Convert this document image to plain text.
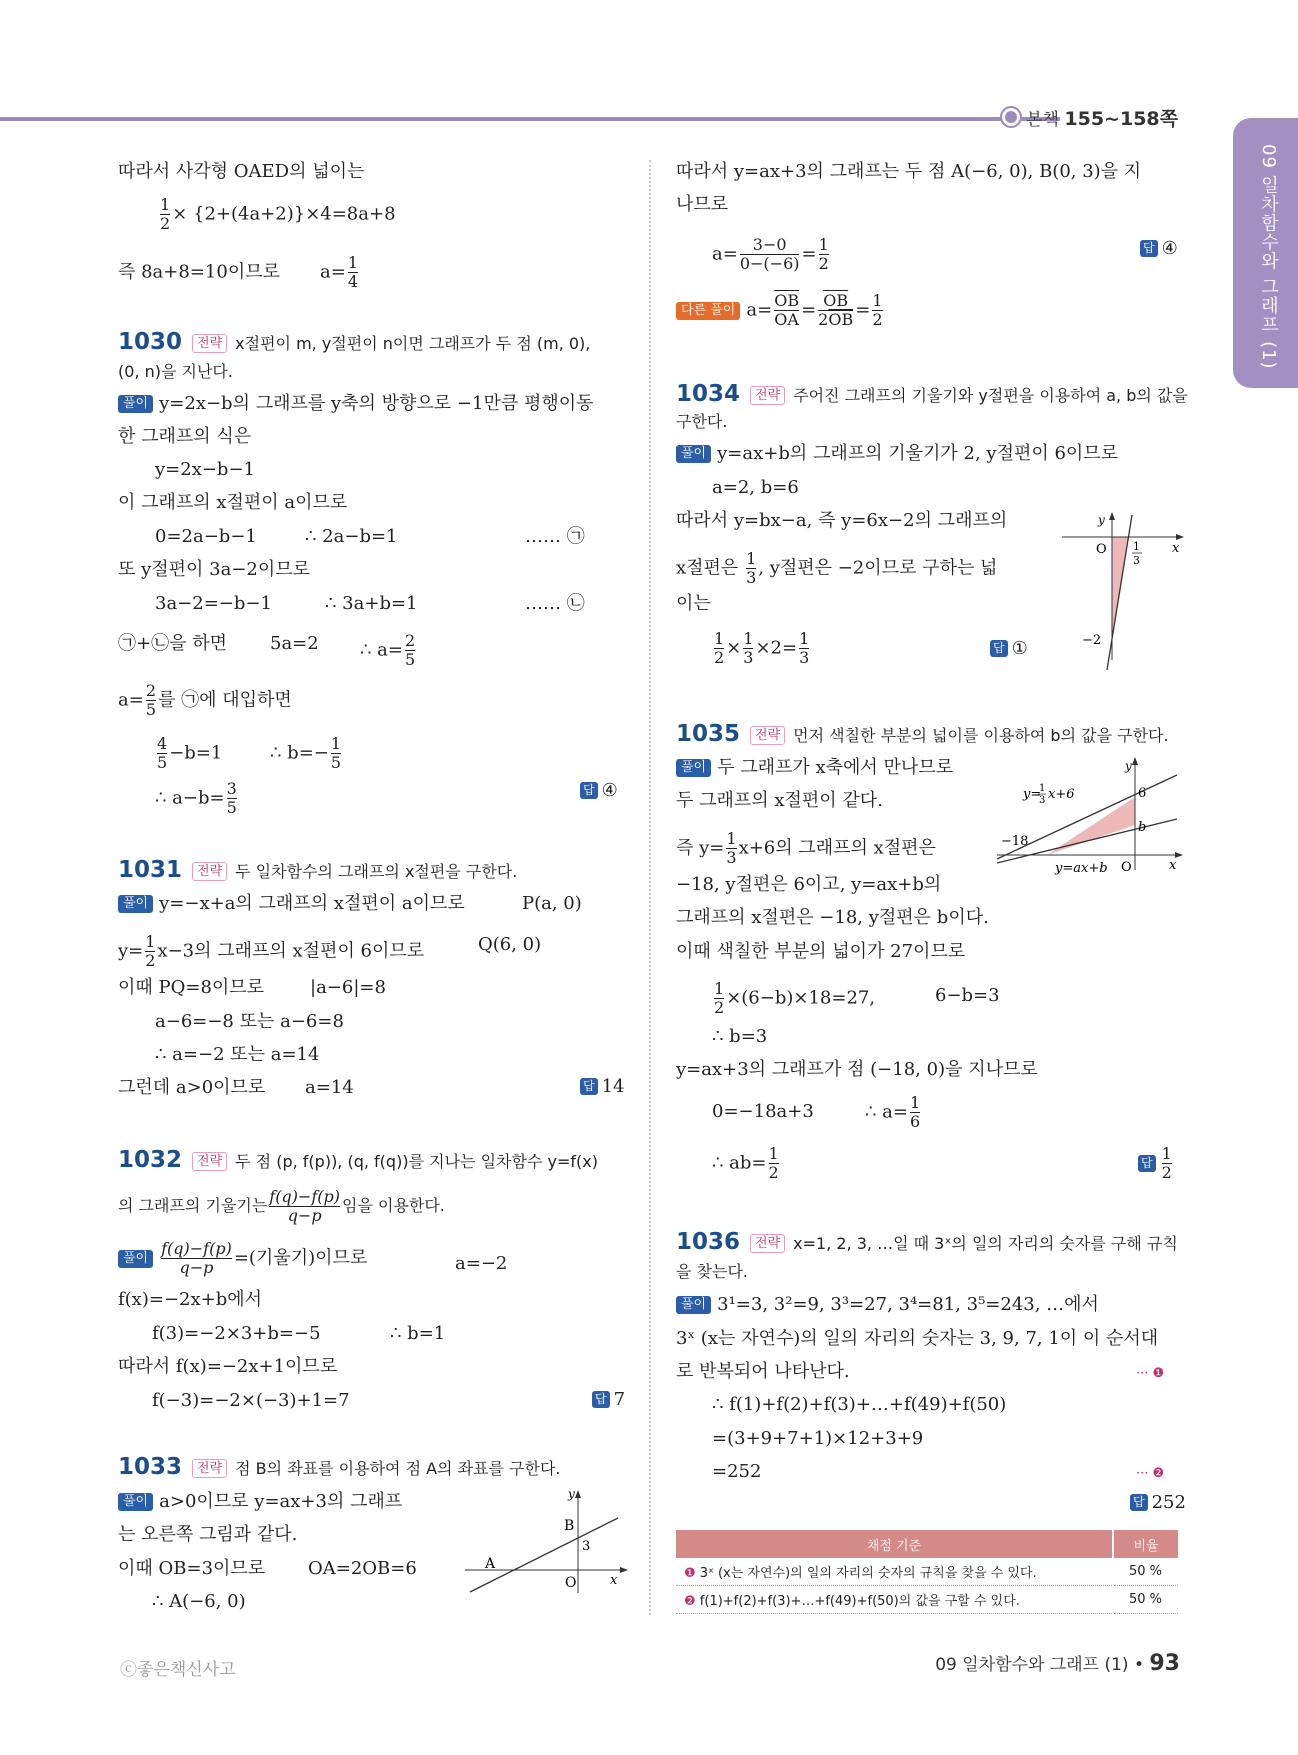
본책 155~158쪽
09 일차함수와 그래프 (1)
따라서 사각형 OAED의 넓이는
$\frac{1}{2} \times \{2+(4a+2)\}\times 4=8a+8$
즉 8a+8=10이므로 $a= \frac{1}{4}$
1030 전략 x절편이 m, y절편이 n이면 그래프가 두 점 (m, 0),
(0, n)을 지난다.
풀이 y=2x−b의 그래프를 y축의 방향으로 −1만큼 평행이동
한 그래프의 식은
y=2x−b−1
이 그래프의 x절편이 a이므로
0=2a−b−1	∴ 2a−b=1	…… ㉠
또 y절편이 3a−2이므로
3a−2=−b−1	∴ 3a+b=1	…… ㉡
㉠+㉡을 하면 5a=2 ∴ $a= \frac{2}{5}$
$a= \frac{2}{5}$ 를 ㉠에 대입하면
$\frac{4}{5} -b=1$	∴ $b=- \frac{1}{5}$
∴ $a-b= \frac{3}{5}$	답 ④
1031 전략 두 일차함수의 그래프의 x절편을 구한다.
풀이 y=−x+a의 그래프의 x절편이 a이므로	P(a, 0)
$y= \frac{1}{2} x-3$의 그래프의 x절편이 6이므로	Q(6, 0)
이때 PQ=8이므로	|a−6|=8
a−6=−8 또는 a−6=8
∴ a=−2 또는 a=14
그런데 a>0이므로 a=14	답 14
1032 전략 두 점 (p, f(p)), (q, f(q))를 지나는 일차함수 y=f(x)
의 그래프의 기울기는 $\frac{f(q)-f(p)}{q-p}$ 임을 이용한다.
풀이 $\frac{f(q)-f(p)}{q-p}$ =(기울기)이므로	a=−2
f(x)=−2x+b에서
f(3)=−2×3+b=−5	∴ b=1
따라서 f(x)=−2x+1이므로
f(−3)=−2×(−3)+1=7	답 7
1033 전략 점 B의 좌표를 이용하여 점 A의 좌표를 구한다.
풀이 a>0이므로 y=ax+3의 그래프
는 오른쪽 그림과 같다.
이때 OB=3이므로 OA=2OB=6
∴ A(−6, 0)
y
x
O
B
3
A
따라서 y=ax+3의 그래프는 두 점 A(−6, 0), B(0, 3)을 지
나므로
$a= \frac{3-0}{0-(-6)} = \frac{1}{2}$	답 ④
다른 풀이 $a= \frac{\overline{OB}}{OA} = \frac{\overline{OB}}{2\overline{OB}} = \frac{1}{2}$
1034 전략 주어진 그래프의 기울기와 y절편을 이용하여 a, b의 값을
구한다.
풀이 y=ax+b의 그래프의 기울기가 2, y절편이 6이므로
a=2, b=6
따라서 y=bx−a, 즉 y=6x−2의 그래프의
x절편은 $\frac{1}{3}$ , y절편은 −2이므로 구하는 넓
이는
$\frac{1}{2} \times \frac{1}{3} \times 2= \frac{1}{3}$	답 ①
y
x
O 1
3
−2
1035 전략 먼저 색칠한 부분의 넓이를 이용하여 b의 값을 구한다.
풀이 두 그래프가 x축에서 만나므로
두 그래프의 x절편이 같다.
즉 $y= \frac{1}{3} x+6$의 그래프의 x절편은
−18, y절편은 6이고, y=ax+b의
그래프의 x절편은 −18, y절편은 b이다.
이때 색칠한 부분의 넓이가 27이므로
$\frac{1}{2} \times(6-b)\times 18=27$,	6−b=3
∴ b=3
y=ax+3의 그래프가 점 (−18, 0)을 지나므로
0=−18a+3	∴ $a= \frac{1}{6}$
∴ $ab= \frac{1}{2}$	답 $\frac{1}{2}$
y=
1
3 x+6	6
b
−18
y
x
O
y=ax+b
1036 전략 x=1, 2, 3, …일 때 3ˣ의 일의 자리의 숫자를 구해 규칙
을 찾는다.
풀이 3¹=3, 3²=9, 3³=27, 3⁴=81, 3⁵=243, …에서
3ˣ (x는 자연수)의 일의 자리의 숫자는 3, 9, 7, 1이 이 순서대
로 반복되어 나타난다.	··· ❶
∴ f(1)+f(2)+f(3)+…+f(49)+f(50)
=(3+9+7+1)×12+3+9
=252	··· ❷
답 252
채점 기준	비율
❶ 3ˣ (x는 자연수)의 일의 자리의 숫자의 규칙을 찾을 수 있다.	50 %
❷ f(1)+f(2)+f(3)+…+f(49)+f(50)의 값을 구할 수 있다.	50 %
ⓒ좋은책신사고	09 일차함수와 그래프 (1) • 93
